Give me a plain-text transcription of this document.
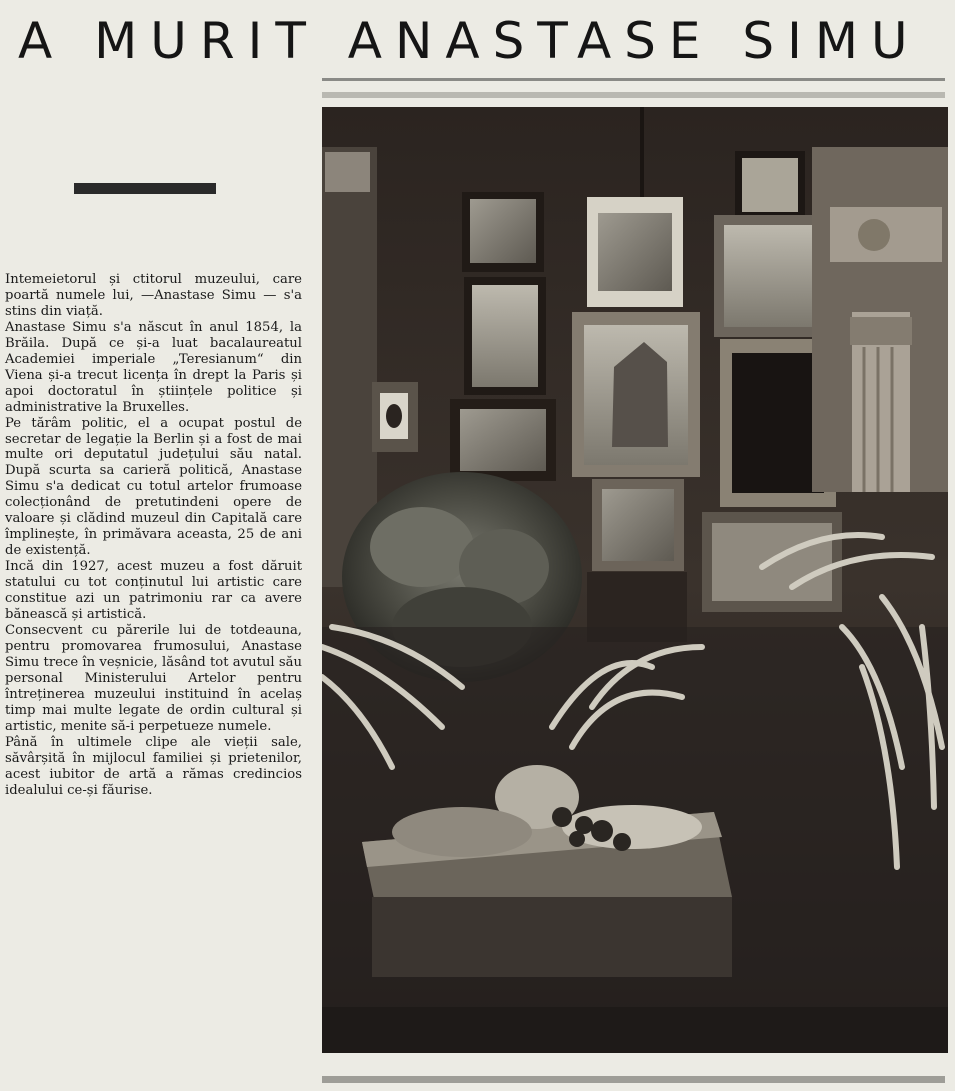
A MURIT ANASTASE SIMU

Intemeietorul și ctitorul muzeului, care poartă numele lui, —Anastase Simu — s'a stins din viață.

Anastase Simu s'a născut în anul 1854, la Brăila. După ce și-a luat bacalaureatul Academiei imperiale „Teresianum“ din Viena și-a trecut licența în drept la Paris și apoi doctoratul în științele politice și administrative la Bruxelles.

Pe tărâm politic, el a ocupat postul de secretar de legație la Berlin și a fost de mai multe ori deputatul județului său natal. După scurta sa carieră politică, Anastase Simu s'a dedicat cu totul artelor frumoase colecționând de pretutindeni opere de valoare și clădind muzeul din Capitală care împlinește, în primăvara aceasta, 25 de ani de existență.

Incă din 1927, acest muzeu a fost dăruit statului cu tot conținutul lui artistic care constitue azi un patrimoniu rar ca avere bănească și artistică.

Consecvent cu părerile lui de totdeauna, pentru promovarea frumosului, Anastase Simu trece în veșnicie, lăsând tot avutul său personal Ministerului Artelor pentru întreținerea muzeului instituind în acelaș timp mai multe legate de ordin cultural și artistic, menite să-i perpetueze numele.

Până în ultimele clipe ale vieții sale, săvârșită în mijlocul familiei și prietenilor, acest iubitor de artă a rămas credincios idealului ce-și făurise.
